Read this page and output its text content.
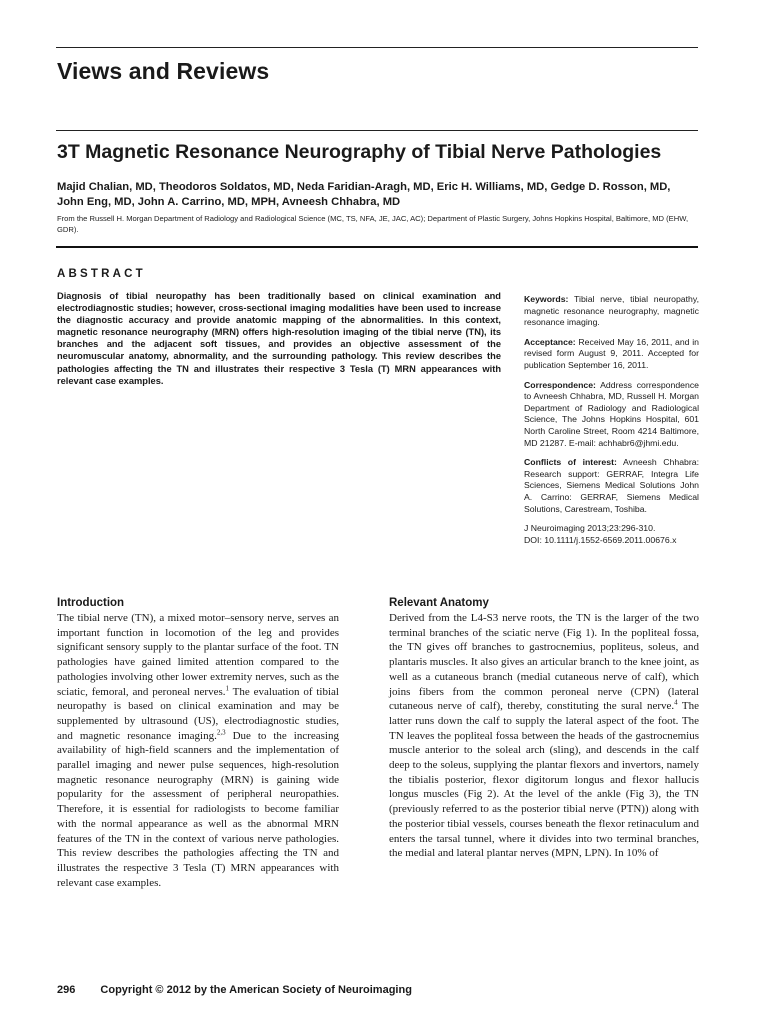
Views and Reviews
3T Magnetic Resonance Neurography of Tibial Nerve Pathologies
Majid Chalian, MD, Theodoros Soldatos, MD, Neda Faridian-Aragh, MD, Eric H. Williams, MD, Gedge D. Rosson, MD, John Eng, MD, John A. Carrino, MD, MPH, Avneesh Chhabra, MD
From the Russell H. Morgan Department of Radiology and Radiological Science (MC, TS, NFA, JE, JAC, AC); Department of Plastic Surgery, Johns Hopkins Hospital, Baltimore, MD (EHW, GDR).
ABSTRACT
Diagnosis of tibial neuropathy has been traditionally based on clinical examination and electrodiagnostic studies; however, cross-sectional imaging modalities have been used to increase the diagnostic accuracy and provide anatomic mapping of the abnormalities. In this context, magnetic resonance neurography (MRN) offers high-resolution imaging of the tibial nerve (TN), its branches and the adjacent soft tissues, and provides an objective assessment of the neuromuscular anatomy, abnormality, and the surrounding pathology. This review describes the pathologies affecting the TN and illustrates their respective 3 Tesla (T) MRN appearances with relevant case examples.

Keywords: Tibial nerve, tibial neuropathy, magnetic resonance neurography, magnetic resonance imaging.

Acceptance: Received May 16, 2011, and in revised form August 9, 2011. Accepted for publication September 16, 2011.

Correspondence: Address correspondence to Avneesh Chhabra, MD, Russell H. Morgan Department of Radiology and Radiological Science, The Johns Hopkins Hospital, 601 North Caroline Street, Room 4214 Baltimore, MD 21287. E-mail: achhabr6@jhmi.edu.

Conflicts of interest: Avneesh Chhabra: Research support: GERRAF, Integra Life Sciences, Siemens Medical Solutions John A. Carrino: GERRAF, Siemens Medical Solutions, Carestream, Toshiba.

J Neuroimaging 2013;23:296-310.

DOI: 10.1111/j.1552-6569.2011.00676.x

Introduction
The tibial nerve (TN), a mixed motor–sensory nerve, serves an important function in locomotion of the leg and provides significant sensory supply to the plantar surface of the foot. TN pathologies have gained limited attention compared to the pathologies involving other lower extremity nerves, such as the sciatic, femoral, and peroneal nerves.$^1$ The evaluation of tibial neuropathy is based on clinical examination and may be supplemented by ultrasound (US), electrodiagnostic studies, and magnetic resonance imaging.$^{2,3}$ Due to the increasing availability of high-field scanners and the implementation of parallel imaging and newer pulse sequences, high-resolution magnetic resonance neurography (MRN) is gaining wide popularity for the assessment of peripheral neuropathies. Therefore, it is essential for radiologists to become familiar with the normal appearance as well as the abnormal MRN features of the TN in the context of various nerve pathologies. This review describes the pathologies affecting the TN and illustrates the respective 3 Tesla (T) MRN appearances with relevant case examples.
Relevant Anatomy
Derived from the L4-S3 nerve roots, the TN is the larger of the two terminal branches of the sciatic nerve (Fig 1). In the popliteal fossa, the TN gives off branches to gastrocnemius, popliteus, soleus, and plantaris muscles. It also gives an articular branch to the knee joint, as well as a cutaneous branch (medial cutaneous nerve of calf), which joins fibers from the common peroneal nerve (CPN) (lateral cutaneous nerve of calf), thereby, constituting the sural nerve.$^4$ The latter runs down the calf to supply the lateral aspect of the foot. The TN leaves the popliteal fossa between the heads of the gastrocnemius muscle anterior to the soleal arch (sling), and descends in the calf deep to the soleus, supplying the plantar flexors and invertors, namely the tibialis posterior, flexor digitorum longus and flexor hallucis longus muscles (Fig 2). At the level of the ankle (Fig 3), the TN (previously referred to as the posterior tibial nerve (PTN)) along with the posterior tibial vessels, courses beneath the flexor retinaculum and enters the tarsal tunnel, where it divides into two terminal branches, the medial and lateral plantar nerves (MPN, LPN). In 10% of
296 Copyright © 2012 by the American Society of Neuroimaging
